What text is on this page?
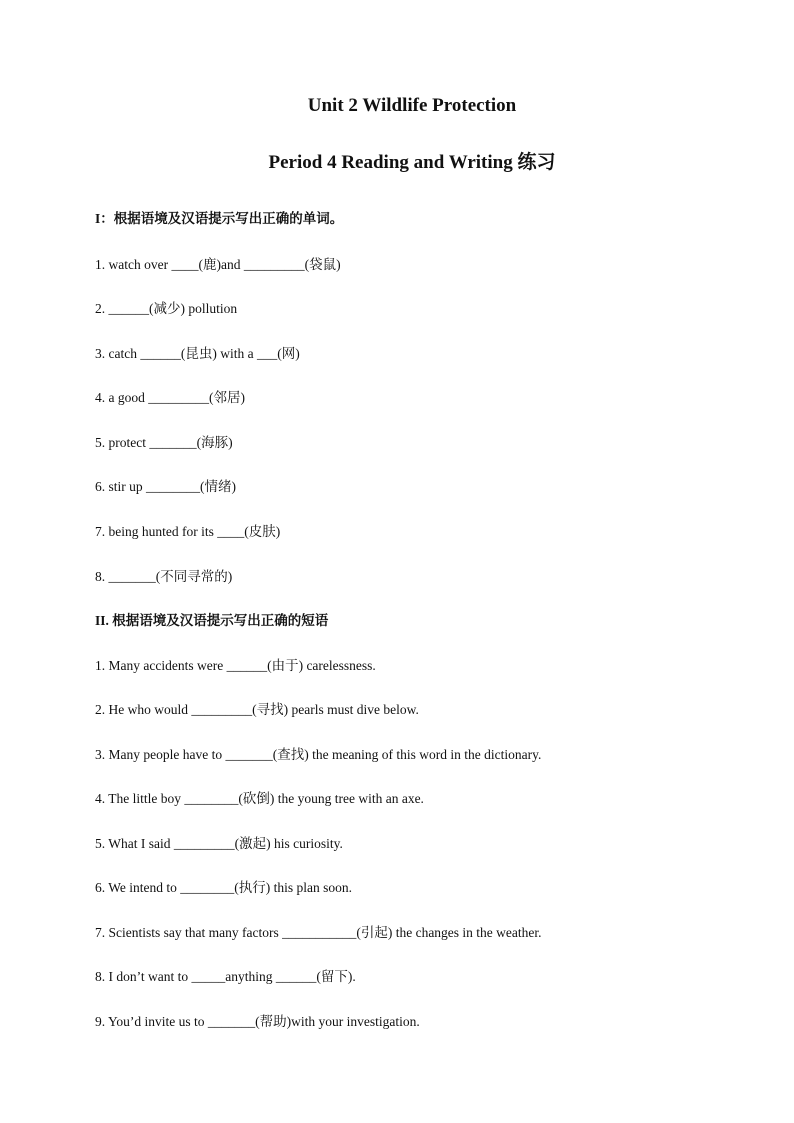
Unit 2 Wildlife Protection
Period 4 Reading and Writing 练习

I：根据语境及汉语提示写出正确的单词。

1. watch over ____(鹿)and _________(袋鼠)

2. ______(减少) pollution

3. catch ______(昆虫) with a ___(网)

4. a good _________(邻居)

5. protect _______(海豚)

6. stir up ________(情绪)

7. being hunted for its ____(皮肤)

8. _______(不同寻常的)

II. 根据语境及汉语提示写出正确的短语

1. Many accidents were ______(由于) carelessness.

2. He who would _________(寻找) pearls must dive below.

3. Many people have to _______(查找) the meaning of this word in the dictionary.

4. The little boy ________(砍倒) the young tree with an axe.

5. What I said _________(激起) his curiosity.

6. We intend to ________(执行) this plan soon.

7. Scientists say that many factors ___________(引起) the changes in the weather.

8. I don’t want to _____anything ______(留下).

9. You’d invite us to _______(帮助)with your investigation.
